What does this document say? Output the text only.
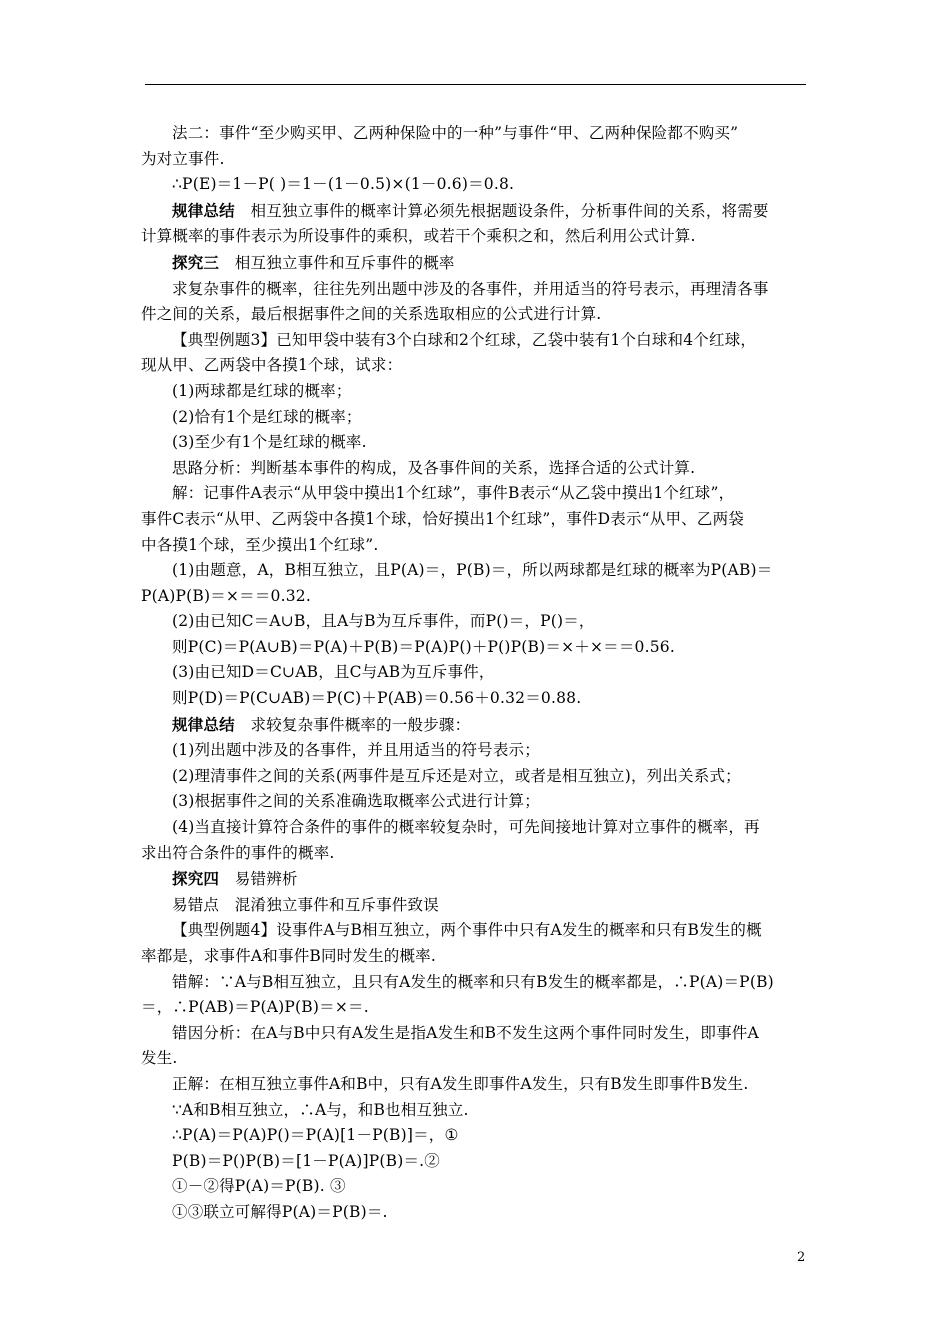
法二：事件“至少购买甲、乙两种保险中的一种”与事件“甲、乙两种保险都不购买”

为对立事件.

∴P(E)＝1－P( )＝1－(1－0.5)×(1－0.6)＝0.8.

规律总结　相互独立事件的概率计算必须先根据题设条件，分析事件间的关系，将需要

计算概率的事件表示为所设事件的乘积，或若干个乘积之和，然后利用公式计算.

探究三　相互独立事件和互斥事件的概率

求复杂事件的概率，往往先列出题中涉及的各事件，并用适当的符号表示，再理清各事

件之间的关系，最后根据事件之间的关系选取相应的公式进行计算.

【典型例题3】已知甲袋中装有3个白球和2个红球，乙袋中装有1个白球和4个红球，

现从甲、乙两袋中各摸1个球，试求：

(1)两球都是红球的概率；

(2)恰有1个是红球的概率；

(3)至少有1个是红球的概率.

思路分析：判断基本事件的构成，及各事件间的关系，选择合适的公式计算.

解：记事件A表示“从甲袋中摸出1个红球”，事件B表示“从乙袋中摸出1个红球”，

事件C表示“从甲、乙两袋中各摸1个球，恰好摸出1个红球”，事件D表示“从甲、乙两袋

中各摸1个球，至少摸出1个红球”.

(1)由题意，A，B相互独立，且P(A)＝，P(B)＝，所以两球都是红球的概率为P(AB)＝

P(A)P(B)＝×＝＝0.32.

(2)由已知C＝A∪B，且A与B为互斥事件，而P()＝，P()＝，

则P(C)＝P(A∪B)＝P(A)＋P(B)＝P(A)P()＋P()P(B)＝×＋×＝＝0.56.

(3)由已知D＝C∪AB，且C与AB为互斥事件，

则P(D)＝P(C∪AB)＝P(C)＋P(AB)＝0.56＋0.32＝0.88.

规律总结　求较复杂事件概率的一般步骤：

(1)列出题中涉及的各事件，并且用适当的符号表示；

(2)理清事件之间的关系(两事件是互斥还是对立，或者是相互独立)，列出关系式；

(3)根据事件之间的关系准确选取概率公式进行计算；

(4)当直接计算符合条件的事件的概率较复杂时，可先间接地计算对立事件的概率，再

求出符合条件的事件的概率.

探究四　易错辨析

易错点　混淆独立事件和互斥事件致误

【典型例题4】设事件A与B相互独立，两个事件中只有A发生的概率和只有B发生的概

率都是，求事件A和事件B同时发生的概率.

错解：∵A与B相互独立，且只有A发生的概率和只有B发生的概率都是，∴P(A)＝P(B)

＝，∴P(AB)＝P(A)P(B)＝×＝.

错因分析：在A与B中只有A发生是指A发生和B不发生这两个事件同时发生，即事件A

发生.

正解：在相互独立事件A和B中，只有A发生即事件A发生，只有B发生即事件B发生.

∵A和B相互独立，∴A与，和B也相互独立.

∴P(A)＝P(A)P()＝P(A)[1－P(B)]＝，①

P(B)＝P()P(B)＝[1－P(A)]P(B)＝.②

①－②得P(A)＝P(B). ③

①③联立可解得P(A)＝P(B)＝.

2
